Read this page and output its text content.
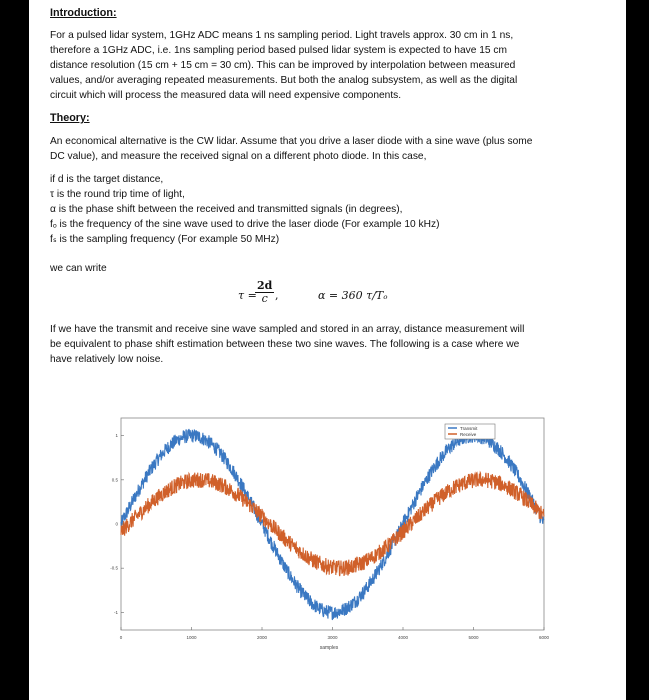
Introduction:

For a pulsed lidar system, 1GHz ADC means 1 ns sampling period. Light travels approx. 30 cm in 1 ns,

therefore a 1GHz ADC, i.e. 1ns sampling period based pulsed lidar system is expected to have 15 cm

distance resolution (15 cm + 15 cm = 30 cm). This can be improved by interpolation between measured

values, and/or averaging repeated measurements. But both the analog subsystem, as well as the digital

circuit which will process the measured data will need expensive components.

Theory:

An economical alternative is the CW lidar. Assume that you drive a laser diode with a sine wave (plus some

DC value), and measure the received signal on a different photo diode. In this case,

if d is the target distance,

τ is the round trip time of light,

α is the phase shift between the received and transmitted signals (in degrees),

fₒ is the frequency of the sine wave used to drive the laser diode (For example 10 kHz)

fₛ is the sampling frequency (For example 50 MHz)

we can write

τ =
$\frac{2d}{c}$ ,	α = 360 τ/Tₒ

If we have the transmit and receive sine wave sampled and stored in an array, distance measurement will

be equivalent to phase shift estimation between these two sine waves. The following is a case where we

have relatively low noise.

0	1000	2000	3000	4000	5000	6000
1
0.5
0
-0.5
-1
Transmit
Receive
samples
